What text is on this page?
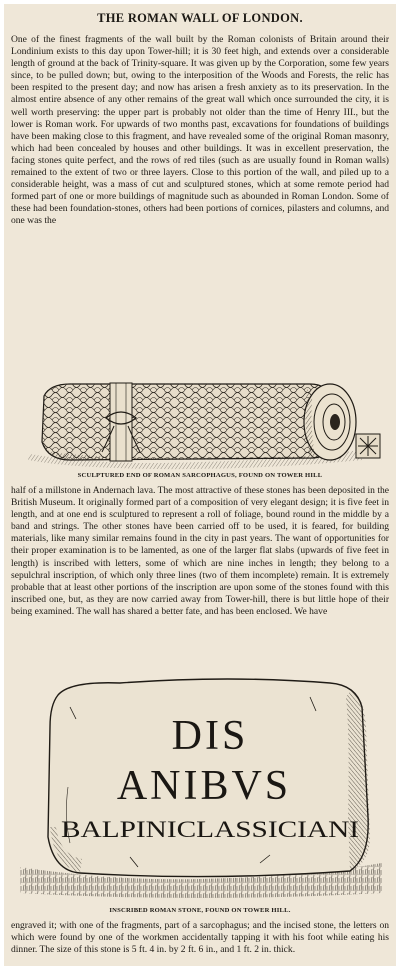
THE ROMAN WALL OF LONDON.

One of the finest fragments of the wall built by the Roman colonists of Britain around their Londinium exists to this day upon Tower-hill; it is 30 feet high, and extends over a considerable length of ground at the back of Trinity-square. It was given up by the Corporation, some few years since, to be pulled down; but, owing to the interposition of the Woods and Forests, the relic has been respited to the present day; and now has arisen a fresh anxiety as to its preservation. In the almost entire absence of any other remains of the great wall which once surrounded the city, it is well worth preserving: the upper part is probably not older than the time of Henry III., but the lower is Roman work. For upwards of two months past, excavations for foundations of buildings have been making close to this fragment, and have revealed some of the original Roman masonry, which had been concealed by houses and other buildings. It was in excellent preservation, the facing stones quite perfect, and the rows of red tiles (such as are usually found in Roman walls) remained to the extent of two or three layers. Close to this portion of the wall, and piled up to a considerable height, was a mass of cut and sculptured stones, which at some remote period had formed part of one or more buildings of magnitude such as abounded in Roman London. Some of these had been foundation-stones, others had been portions of cornices, pilasters and columns, and one was the

SCULPTURED END OF ROMAN SARCOPHAGUS, FOUND ON TOWER HILL

half of a millstone in Andernach lava. The most attractive of these stones has been deposited in the British Museum. It originally formed part of a composition of very elegant design; it is five feet in length, and at one end is sculptured to represent a roll of foliage, bound round in the middle by a band and strings. The other stones have been carried off to be used, it is feared, for building materials, like many similar remains found in the city in past years. The want of opportunities for their proper examination is to be lamented, as one of the larger flat slabs (upwards of five feet in length) is inscribed with letters, some of which are nine inches in length; they belong to a sepulchral inscription, of which only three lines (two of them incomplete) remain. It is extremely probable that at least other portions of the inscription are upon some of the stones found with this inscribed one, but, as they are now carried away from Tower-hill, there is but little hope of their being examined. The wall has shared a better fate, and has been enclosed. We have

DIS
ANIBVS
BALPINICLASSICIANI
INSCRIBED ROMAN STONE, FOUND ON TOWER HILL.

engraved it; with one of the fragments, part of a sarcophagus; and the incised stone, the letters on which were found by one of the workmen accidentally tapping it with his foot while eating his dinner. The size of this stone is 5 ft. 4 in. by 2 ft. 6 in., and 1 ft. 2 in. thick.
